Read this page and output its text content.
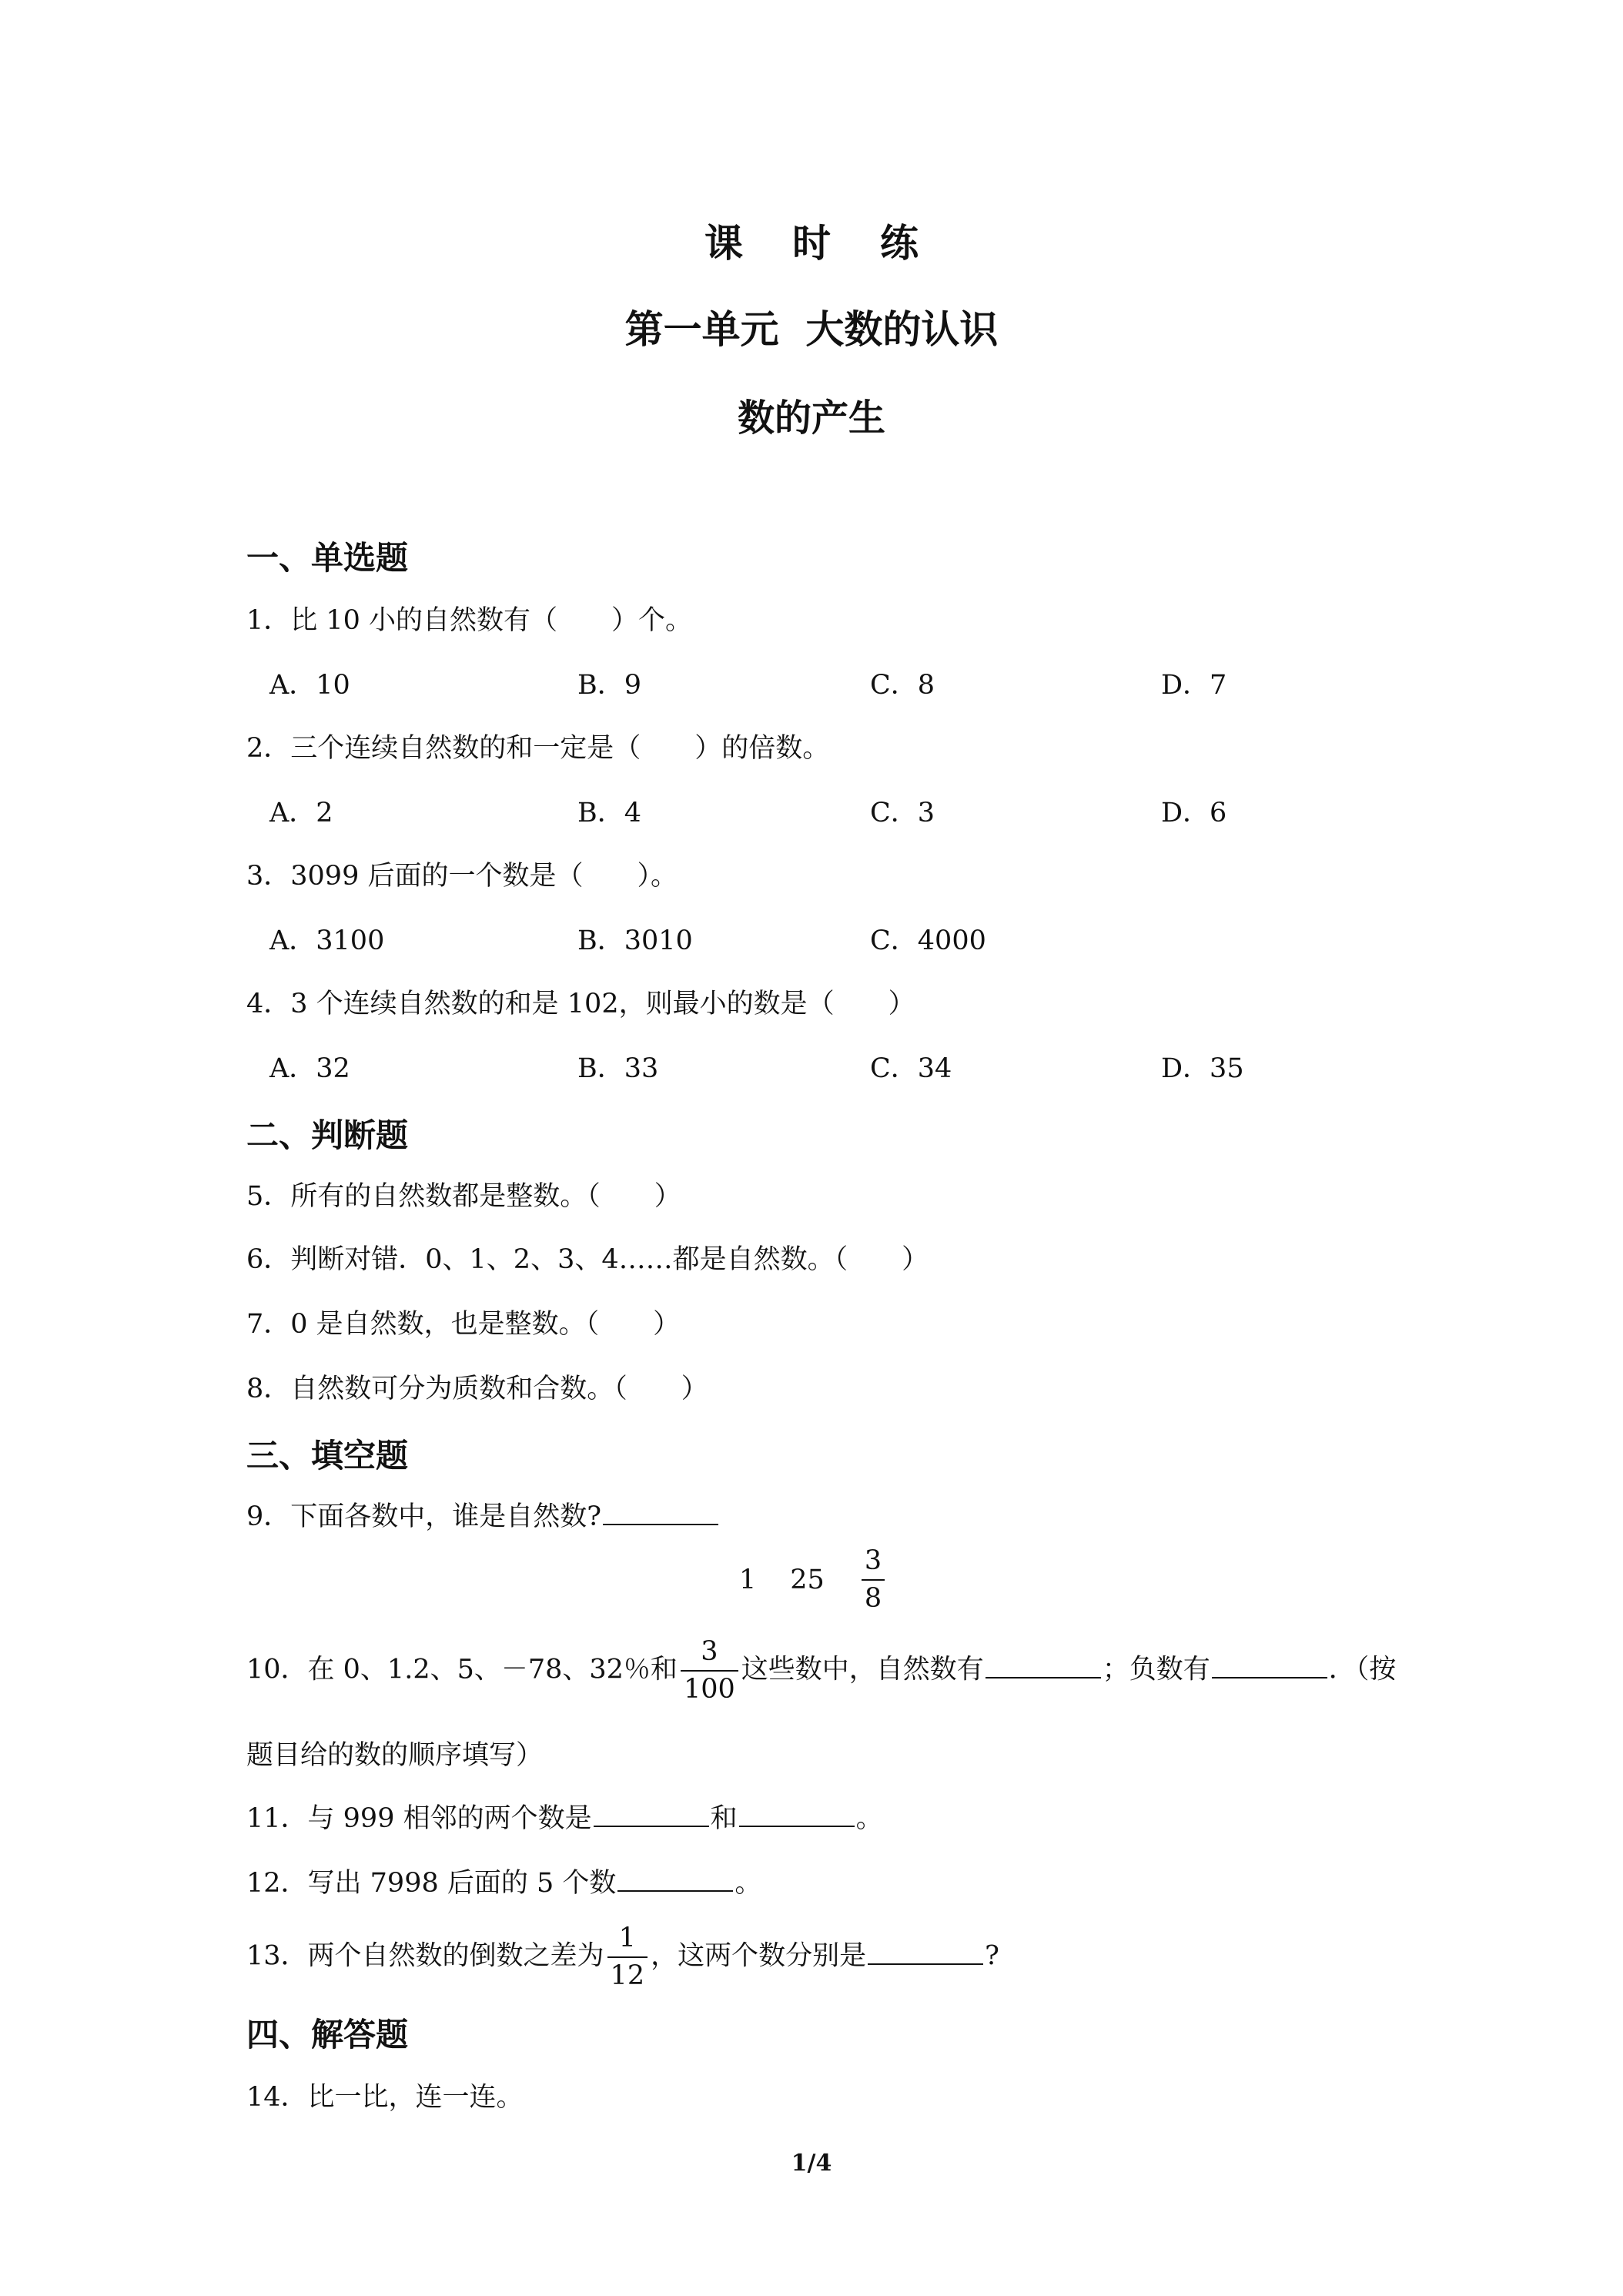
课 时 练
第一单元  大数的认识
数的产生
一、单选题
1．比 10 小的自然数有（　　）个。
A．10	B．9	C．8	D．7
2．三个连续自然数的和一定是（　　）的倍数。
A．2	B．4	C．3	D．6
3．3099 后面的一个数是（　　）。
A．3100	B．3010	C．4000
4．3 个连续自然数的和是 102，则最小的数是（　　）
A．32	B．33	C．34	D．35
二、判断题
5．所有的自然数都是整数。（　　）
6．判断对错．0、1、2、3、4……都是自然数。（　　）
7．0 是自然数，也是整数。（　　）
8．自然数可分为质数和合数。（　　）
三、填空题
9．下面各数中，谁是自然数?
1 $25 \frac{3}{8}$
10．在 0、1.2、5、－78、32％和 $\frac{3}{100}$ 这些数中，自然数有	；负数有	．（按
题目给的数的顺序填写）
11．与 999 相邻的两个数是	和	。
12．写出 7998 后面的 5 个数	。
13．两个自然数的倒数之差为 $\frac{1}{12}$ ，这两个数分别是	?
四、解答题
14．比一比，连一连。
1/4
